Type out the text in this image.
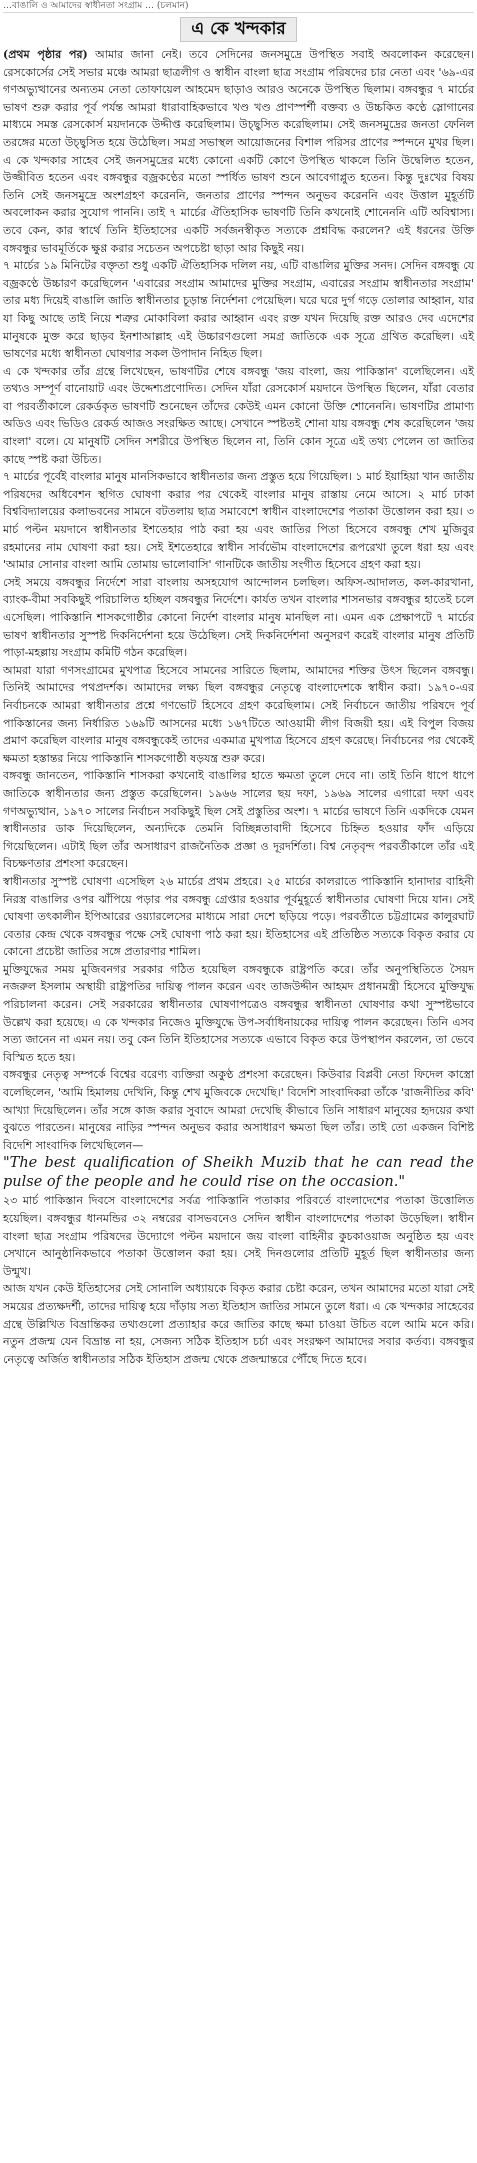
…বাঙালি ও আমাদের স্বাধীনতা সংগ্রাম … (চলমান)
এ কে খন্দকার

(প্রথম পৃষ্ঠার পর) আমার জানা নেই। তবে সেদিনের জনসমুদ্রে উপস্থিত সবাই অবলোকন করেছেন। রেসকোর্সের সেই সভার মঞ্চে আমরা ছাত্রলীগ ও স্বাধীন বাংলা ছাত্র সংগ্রাম পরিষদের চার নেতা এবং '৬৯-এর গণঅভ্যুত্থানের অন্যতম নেতা তোফায়েল আহমেদ ছাড়াও আরও অনেকে উপস্থিত ছিলাম। বঙ্গবন্ধুর ৭ মার্চের ভাষণ শুরু করার পূর্ব পর্যন্ত আমরা ধারাবাহিকভাবে খণ্ড খণ্ড প্রাণস্পর্শী বক্তব্য ও উচ্চকিত কণ্ঠে স্লোগানের মাধ্যমে সমস্ত রেসকোর্স ময়দানকে উদ্দীপ্ত করেছিলাম। উচ্ছ্বসিত করেছিলাম। সেই জনসমুদ্রের জনতা ফেনিল তরঙ্গের মতো উচ্ছ্বসিত হয়ে উঠেছিল। সমগ্র সভাস্থল আয়োজনের বিশাল পরিসর প্রাণের স্পন্দনে মুখর ছিল। এ কে খন্দকার সাহেব সেই জনসমুদ্রের মধ্যে কোনো একটি কোণে উপস্থিত থাকলে তিনি উদ্বেলিত হতেন, উজ্জীবিত হতেন এবং বঙ্গবন্ধুর বজ্রকণ্ঠের মতো স্পর্ধিত ভাষণ শুনে আবেগাপ্লুত হতেন। কিন্তু দুঃখের বিষয় তিনি সেই জনসমুদ্রে অংশগ্রহণ করেননি, জনতার প্রাণের স্পন্দন অনুভব করেননি এবং উত্তাল মুহূর্তটি অবলোকন করার সুযোগ পাননি। তাই ৭ মার্চের ঐতিহাসিক ভাষণটি তিনি কখনোই শোনেননি এটি অবিশ্বাস্য। তবে কেন, কার স্বার্থে তিনি ইতিহাসের একটি সর্বজনস্বীকৃত সত্যকে প্রশ্নবিদ্ধ করলেন? এই ধরনের উক্তি বঙ্গবন্ধুর ভাবমূর্তিকে ক্ষুণ্ণ করার সচেতন অপচেষ্টা ছাড়া আর কিছুই নয়।

৭ মার্চের ১৯ মিনিটের বক্তৃতা শুধু একটি ঐতিহাসিক দলিল নয়, এটি বাঙালির মুক্তির সনদ। সেদিন বঙ্গবন্ধু যে বজ্রকণ্ঠে উচ্চারণ করেছিলেন 'এবারের সংগ্রাম আমাদের মুক্তির সংগ্রাম, এবারের সংগ্রাম স্বাধীনতার সংগ্রাম' তার মধ্য দিয়েই বাঙালি জাতি স্বাধীনতার চূড়ান্ত নির্দেশনা পেয়েছিল। ঘরে ঘরে দুর্গ গড়ে তোলার আহ্বান, যার যা কিছু আছে তাই নিয়ে শত্রুর মোকাবিলা করার আহ্বান এবং রক্ত যখন দিয়েছি রক্ত আরও দেব এদেশের মানুষকে মুক্ত করে ছাড়ব ইনশাআল্লাহ এই উচ্চারণগুলো সমগ্র জাতিকে এক সূত্রে গ্রথিত করেছিল। এই ভাষণের মধ্যে স্বাধীনতা ঘোষণার সকল উপাদান নিহিত ছিল।

এ কে খন্দকার তাঁর গ্রন্থে লিখেছেন, ভাষণটির শেষে বঙ্গবন্ধু 'জয় বাংলা, জয় পাকিস্তান' বলেছিলেন। এই তথ্যও সম্পূর্ণ বানোয়াট এবং উদ্দেশ্যপ্রণোদিত। সেদিন যাঁরা রেসকোর্স ময়দানে উপস্থিত ছিলেন, যাঁরা বেতার বা পরবর্তীকালে রেকর্ডকৃত ভাষণটি শুনেছেন তাঁদের কেউই এমন কোনো উক্তি শোনেননি। ভাষণটির প্রামাণ্য অডিও এবং ভিডিও রেকর্ড আজও সংরক্ষিত আছে। সেখানে স্পষ্টতই শোনা যায় বঙ্গবন্ধু শেষ করেছিলেন 'জয় বাংলা' বলে। যে মানুষটি সেদিন সশরীরে উপস্থিত ছিলেন না, তিনি কোন সূত্রে এই তথ্য পেলেন তা জাতির কাছে স্পষ্ট করা উচিত।

৭ মার্চের পূর্বেই বাংলার মানুষ মানসিকভাবে স্বাধীনতার জন্য প্রস্তুত হয়ে গিয়েছিল। ১ মার্চ ইয়াহিয়া খান জাতীয় পরিষদের অধিবেশন স্থগিত ঘোষণা করার পর থেকেই বাংলার মানুষ রাস্তায় নেমে আসে। ২ মার্চ ঢাকা বিশ্ববিদ্যালয়ের কলাভবনের সামনে বটতলায় ছাত্র সমাবেশে স্বাধীন বাংলাদেশের পতাকা উত্তোলন করা হয়। ৩ মার্চ পল্টন ময়দানে স্বাধীনতার ইশতেহার পাঠ করা হয় এবং জাতির পিতা হিসেবে বঙ্গবন্ধু শেখ মুজিবুর রহমানের নাম ঘোষণা করা হয়। সেই ইশতেহারে স্বাধীন সার্বভৌম বাংলাদেশের রূপরেখা তুলে ধরা হয় এবং 'আমার সোনার বাংলা আমি তোমায় ভালোবাসি' গানটিকে জাতীয় সংগীত হিসেবে গ্রহণ করা হয়।

সেই সময়ে বঙ্গবন্ধুর নির্দেশে সারা বাংলায় অসহযোগ আন্দোলন চলছিল। অফিস-আদালত, কল-কারখানা, ব্যাংক-বীমা সবকিছুই পরিচালিত হচ্ছিল বঙ্গবন্ধুর নির্দেশে। কার্যত তখন বাংলার শাসনভার বঙ্গবন্ধুর হাতেই চলে এসেছিল। পাকিস্তানি শাসকগোষ্ঠীর কোনো নির্দেশ বাংলার মানুষ মানছিল না। এমন এক প্রেক্ষাপটে ৭ মার্চের ভাষণ স্বাধীনতার সুস্পষ্ট দিকনির্দেশনা হয়ে উঠেছিল। সেই দিকনির্দেশনা অনুসরণ করেই বাংলার মানুষ প্রতিটি পাড়া-মহল্লায় সংগ্রাম কমিটি গঠন করেছিল।

আমরা যারা গণসংগ্রামের মুখপাত্র হিসেবে সামনের সারিতে ছিলাম, আমাদের শক্তির উৎস ছিলেন বঙ্গবন্ধু। তিনিই আমাদের পথপ্রদর্শক। আমাদের লক্ষ্য ছিল বঙ্গবন্ধুর নেতৃত্বে বাংলাদেশকে স্বাধীন করা। ১৯৭০-এর নির্বাচনকে আমরা স্বাধীনতার প্রশ্নে গণভোট হিসেবে গ্রহণ করেছিলাম। সেই নির্বাচনে জাতীয় পরিষদে পূর্ব পাকিস্তানের জন্য নির্ধারিত ১৬৯টি আসনের মধ্যে ১৬৭টিতে আওয়ামী লীগ বিজয়ী হয়। এই বিপুল বিজয় প্রমাণ করেছিল বাংলার মানুষ বঙ্গবন্ধুকেই তাদের একমাত্র মুখপাত্র হিসেবে গ্রহণ করেছে। নির্বাচনের পর থেকেই ক্ষমতা হস্তান্তর নিয়ে পাকিস্তানি শাসকগোষ্ঠী ষড়যন্ত্র শুরু করে।

বঙ্গবন্ধু জানতেন, পাকিস্তানি শাসকরা কখনোই বাঙালির হাতে ক্ষমতা তুলে দেবে না। তাই তিনি ধাপে ধাপে জাতিকে স্বাধীনতার জন্য প্রস্তুত করেছিলেন। ১৯৬৬ সালের ছয় দফা, ১৯৬৯ সালের এগারো দফা এবং গণঅভ্যুত্থান, ১৯৭০ সালের নির্বাচন সবকিছুই ছিল সেই প্রস্তুতির অংশ। ৭ মার্চের ভাষণে তিনি একদিকে যেমন স্বাধীনতার ডাক দিয়েছিলেন, অন্যদিকে তেমনি বিচ্ছিন্নতাবাদী হিসেবে চিহ্নিত হওয়ার ফাঁদ এড়িয়ে গিয়েছিলেন। এটাই ছিল তাঁর অসাধারণ রাজনৈতিক প্রজ্ঞা ও দূরদর্শিতা। বিশ্ব নেতৃবৃন্দ পরবর্তীকালে তাঁর এই বিচক্ষণতার প্রশংসা করেছেন।

স্বাধীনতার সুস্পষ্ট ঘোষণা এসেছিল ২৬ মার্চের প্রথম প্রহরে। ২৫ মার্চের কালরাতে পাকিস্তানি হানাদার বাহিনী নিরস্ত্র বাঙালির ওপর ঝাঁপিয়ে পড়ার পর বঙ্গবন্ধু গ্রেপ্তার হওয়ার পূর্বমুহূর্তে স্বাধীনতার ঘোষণা দিয়ে যান। সেই ঘোষণা তৎকালীন ইপিআরের ওয়্যারলেসের মাধ্যমে সারা দেশে ছড়িয়ে পড়ে। পরবর্তীতে চট্টগ্রামের কালুরঘাট বেতার কেন্দ্র থেকে বঙ্গবন্ধুর পক্ষে সেই ঘোষণা পাঠ করা হয়। ইতিহাসের এই প্রতিষ্ঠিত সত্যকে বিকৃত করার যে কোনো প্রচেষ্টা জাতির সঙ্গে প্রতারণার শামিল।

মুক্তিযুদ্ধের সময় মুজিবনগর সরকার গঠিত হয়েছিল বঙ্গবন্ধুকে রাষ্ট্রপতি করে। তাঁর অনুপস্থিতিতে সৈয়দ নজরুল ইসলাম অস্থায়ী রাষ্ট্রপতির দায়িত্ব পালন করেন এবং তাজউদ্দীন আহমদ প্রধানমন্ত্রী হিসেবে মুক্তিযুদ্ধ পরিচালনা করেন। সেই সরকারের স্বাধীনতার ঘোষণাপত্রেও বঙ্গবন্ধুর স্বাধীনতা ঘোষণার কথা সুস্পষ্টভাবে উল্লেখ করা হয়েছে। এ কে খন্দকার নিজেও মুক্তিযুদ্ধে উপ-সর্বাধিনায়কের দায়িত্ব পালন করেছেন। তিনি এসব সত্য জানেন না এমন নয়। তবু কেন তিনি ইতিহাসের সত্যকে এভাবে বিকৃত করে উপস্থাপন করলেন, তা ভেবে বিস্মিত হতে হয়।

বঙ্গবন্ধুর নেতৃত্ব সম্পর্কে বিশ্বের বরেণ্য ব্যক্তিরা অকুণ্ঠ প্রশংসা করেছেন। কিউবার বিপ্লবী নেতা ফিদেল কাস্ত্রো বলেছিলেন, 'আমি হিমালয় দেখিনি, কিন্তু শেখ মুজিবকে দেখেছি।' বিদেশি সাংবাদিকরা তাঁকে 'রাজনীতির কবি' আখ্যা দিয়েছিলেন। তাঁর সঙ্গে কাজ করার সুবাদে আমরা দেখেছি কীভাবে তিনি সাধারণ মানুষের হৃদয়ের কথা বুঝতে পারতেন। মানুষের নাড়ির স্পন্দন অনুভব করার অসাধারণ ক্ষমতা ছিল তাঁর। তাই তো একজন বিশিষ্ট বিদেশি সাংবাদিক লিখেছিলেন—

"The best qualification of Sheikh Muzib that he can read the pulse of the people and he could rise on the occasion."

২৩ মার্চ পাকিস্তান দিবসে বাংলাদেশের সর্বত্র পাকিস্তানি পতাকার পরিবর্তে বাংলাদেশের পতাকা উত্তোলিত হয়েছিল। বঙ্গবন্ধুর ধানমন্ডির ৩২ নম্বরের বাসভবনেও সেদিন স্বাধীন বাংলাদেশের পতাকা উড়েছিল। স্বাধীন বাংলা ছাত্র সংগ্রাম পরিষদের উদ্যোগে পল্টন ময়দানে জয় বাংলা বাহিনীর কুচকাওয়াজ অনুষ্ঠিত হয় এবং সেখানে আনুষ্ঠানিকভাবে পতাকা উত্তোলন করা হয়। সেই দিনগুলোর প্রতিটি মুহূর্ত ছিল স্বাধীনতার জন্য উন্মুখ।

আজ যখন কেউ ইতিহাসের সেই সোনালি অধ্যায়কে বিকৃত করার চেষ্টা করেন, তখন আমাদের মতো যারা সেই সময়ের প্রত্যক্ষদর্শী, তাদের দায়িত্ব হয়ে দাঁড়ায় সত্য ইতিহাস জাতির সামনে তুলে ধরা। এ কে খন্দকার সাহেবের গ্রন্থে উল্লিখিত বিভ্রান্তিকর তথ্যগুলো প্রত্যাহার করে জাতির কাছে ক্ষমা চাওয়া উচিত বলে আমি মনে করি। নতুন প্রজন্ম যেন বিভ্রান্ত না হয়, সেজন্য সঠিক ইতিহাস চর্চা এবং সংরক্ষণ আমাদের সবার কর্তব্য। বঙ্গবন্ধুর নেতৃত্বে অর্জিত স্বাধীনতার সঠিক ইতিহাস প্রজন্ম থেকে প্রজন্মান্তরে পৌঁছে দিতে হবে।
